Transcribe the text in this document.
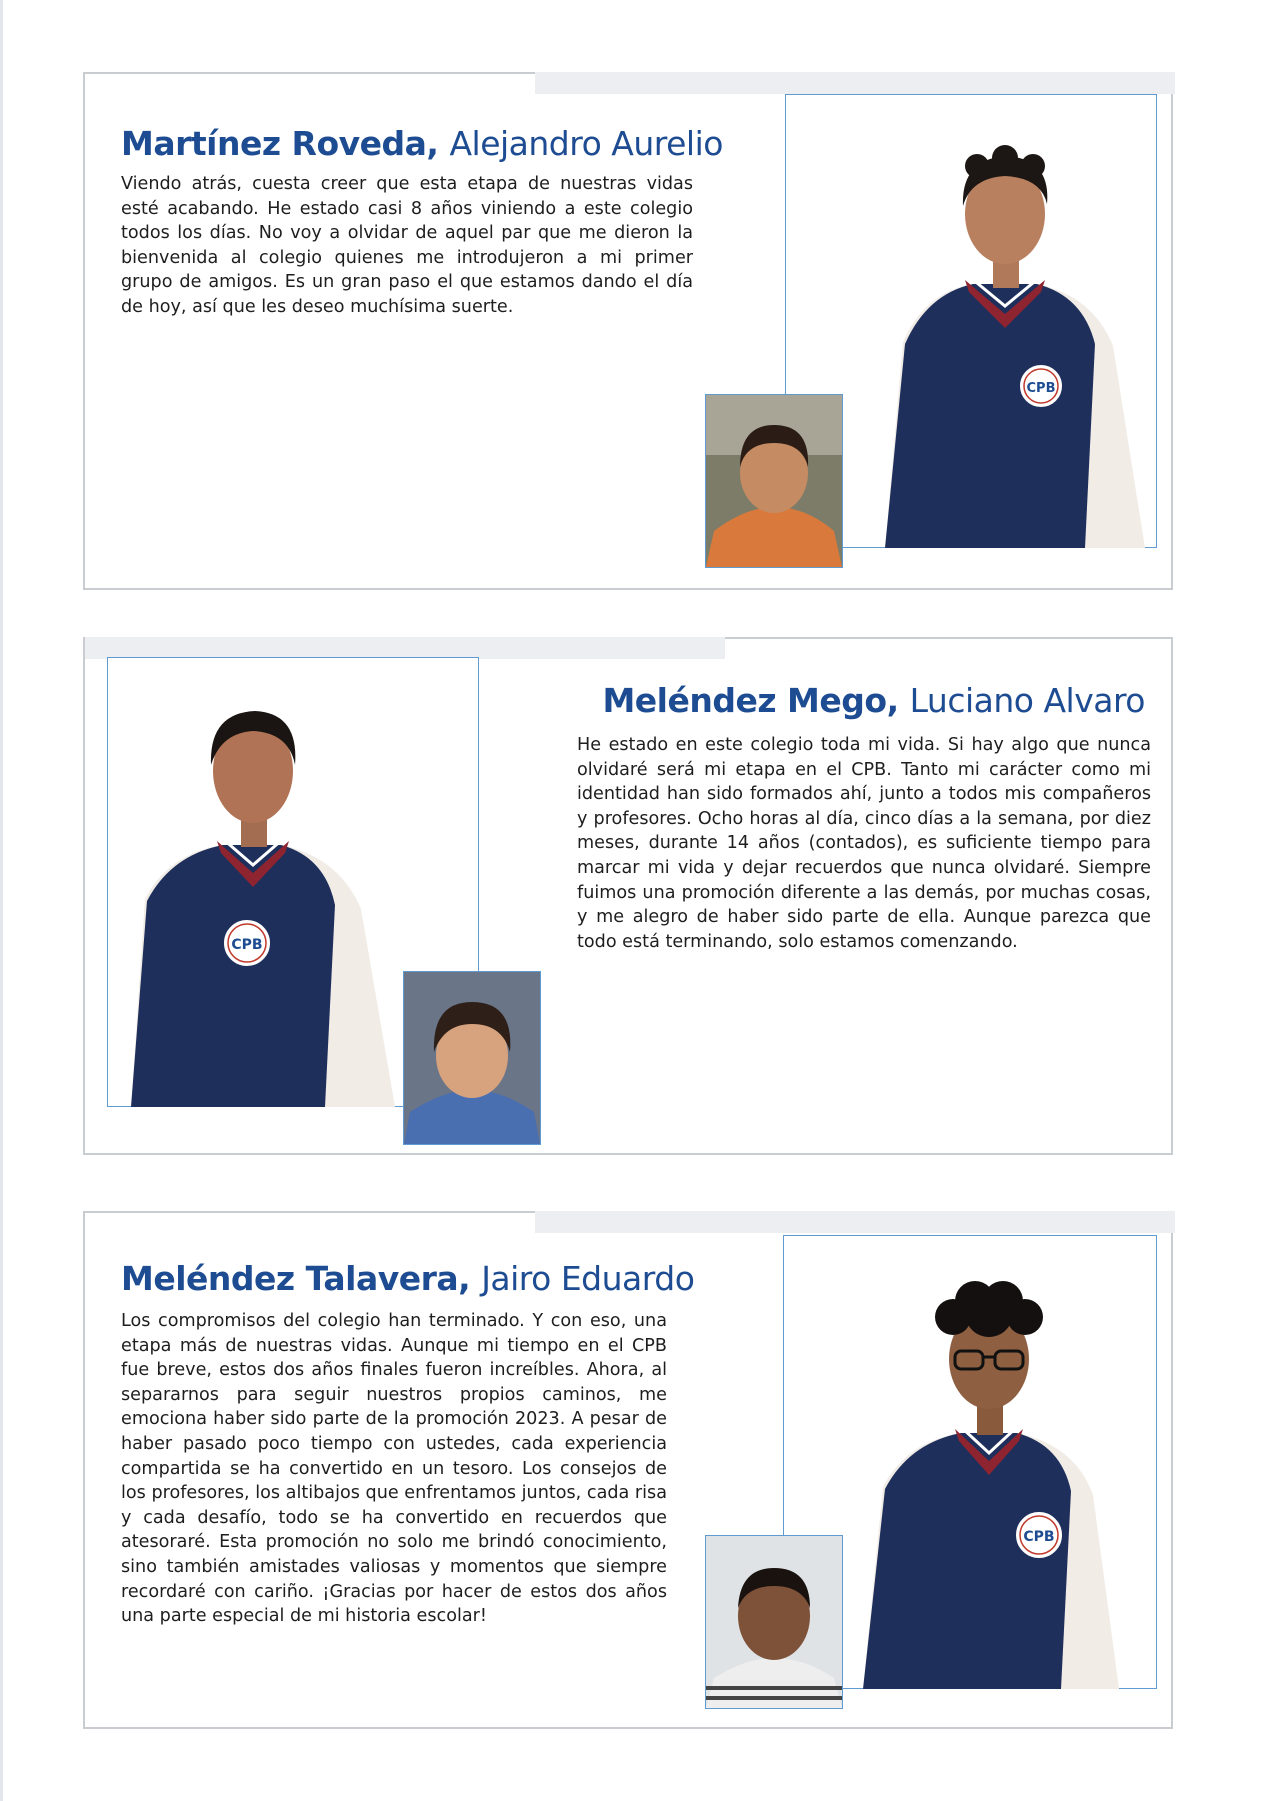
Martínez Roveda, Alejandro Aurelio

Viendo atrás, cuesta creer que esta etapa de nuestras vidas esté acabando. He estado casi 8 años viniendo a este colegio todos los días. No voy a olvidar de aquel par que me dieron la bienvenida al colegio quienes me introdujeron a mi primer grupo de amigos. Es un gran paso el que estamos dando el día de hoy, así que les deseo muchísima suerte.

CPB
CPB
Meléndez Mego, Luciano Alvaro

He estado en este colegio toda mi vida. Si hay algo que nunca olvidaré será mi etapa en el CPB. Tanto mi carácter como mi identidad han sido formados ahí, junto a todos mis compañeros y profesores. Ocho horas al día, cinco días a la semana, por diez meses, durante 14 años (contados), es suficiente tiempo para marcar mi vida y dejar recuerdos que nunca olvidaré. Siempre fuimos una promoción diferente a las demás, por muchas cosas, y me alegro de haber sido parte de ella. Aunque parezca que todo está terminando, solo estamos comenzando.

Meléndez Talavera, Jairo Eduardo

Los compromisos del colegio han terminado. Y con eso, una etapa más de nuestras vidas. Aunque mi tiempo en el CPB fue breve, estos dos años finales fueron increíbles. Ahora, al separarnos para seguir nuestros propios caminos, me emociona haber sido parte de la promoción 2023. A pesar de haber pasado poco tiempo con ustedes, cada experiencia compartida se ha convertido en un tesoro. Los consejos de los profesores, los altibajos que enfrentamos juntos, cada risa y cada desafío, todo se ha convertido en recuerdos que atesoraré. Esta promoción no solo me brindó conocimiento, sino también amistades valiosas y momentos que siempre recordaré con cariño. ¡Gracias por hacer de estos dos años una parte especial de mi historia escolar!

CPB
